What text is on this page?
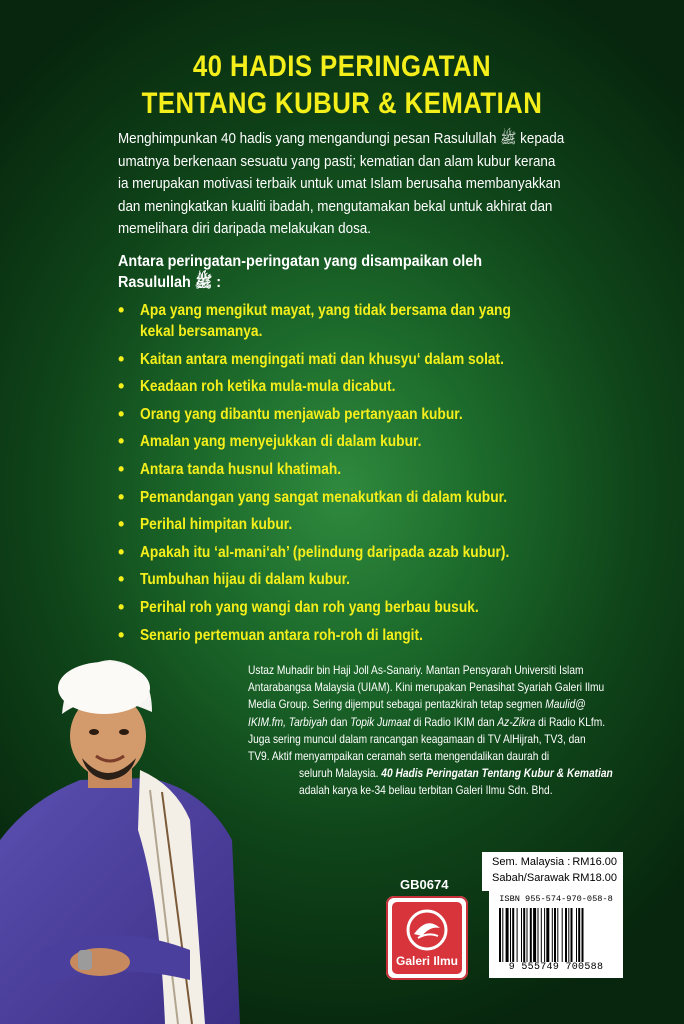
40 HADIS PERINGATAN
TENTANG KUBUR & KEMATIAN
Menghimpunkan 40 hadis yang mengandungi pesan Rasulullah ﷺ kepada
umatnya berkenaan sesuatu yang pasti; kematian dan alam kubur kerana
ia merupakan motivasi terbaik untuk umat Islam berusaha membanyakkan
dan meningkatkan kualiti ibadah, mengutamakan bekal untuk akhirat dan
memelihara diri daripada melakukan dosa.
Antara peringatan-peringatan yang disampaikan oleh
Rasulullah ﷺ :
• Apa yang mengikut mayat, yang tidak bersama dan yang
kekal bersamanya.
• Kaitan antara mengingati mati dan khusyu‘ dalam solat.
• Keadaan roh ketika mula-mula dicabut.
• Orang yang dibantu menjawab pertanyaan kubur.
• Amalan yang menyejukkan di dalam kubur.
• Antara tanda husnul khatimah.
• Pemandangan yang sangat menakutkan di dalam kubur.
• Perihal himpitan kubur.
• Apakah itu ‘al-mani‘ah’ (pelindung daripada azab kubur).
• Tumbuhan hijau di dalam kubur.
• Perihal roh yang wangi dan roh yang berbau busuk.
• Senario pertemuan antara roh-roh di langit.
Ustaz Muhadir bin Haji Joll As-Sanariy. Mantan Pensyarah Universiti Islam
Antarabangsa Malaysia (UIAM). Kini merupakan Penasihat Syariah Galeri Ilmu
Media Group. Sering dijemput sebagai pentazkirah tetap segmen Maulid@
IKIM.fm, Tarbiyah dan Topik Jumaat di Radio IKIM dan Az-Zikra di Radio KLfm.
Juga sering muncul dalam rancangan keagamaan di TV AlHijrah, TV3, dan
TV9. Aktif menyampaikan ceramah serta mengendalikan daurah di
seluruh Malaysia. 40 Hadis Peringatan Tentang Kubur & Kematian
adalah karya ke-34 beliau terbitan Galeri Ilmu Sdn. Bhd.
GB0674
Galeri Ilmu
Sem. Malaysia : RM16.00
Sabah/Sarawak RM18.00
ISBN 955-574-970-058-8
9 555749 700588
